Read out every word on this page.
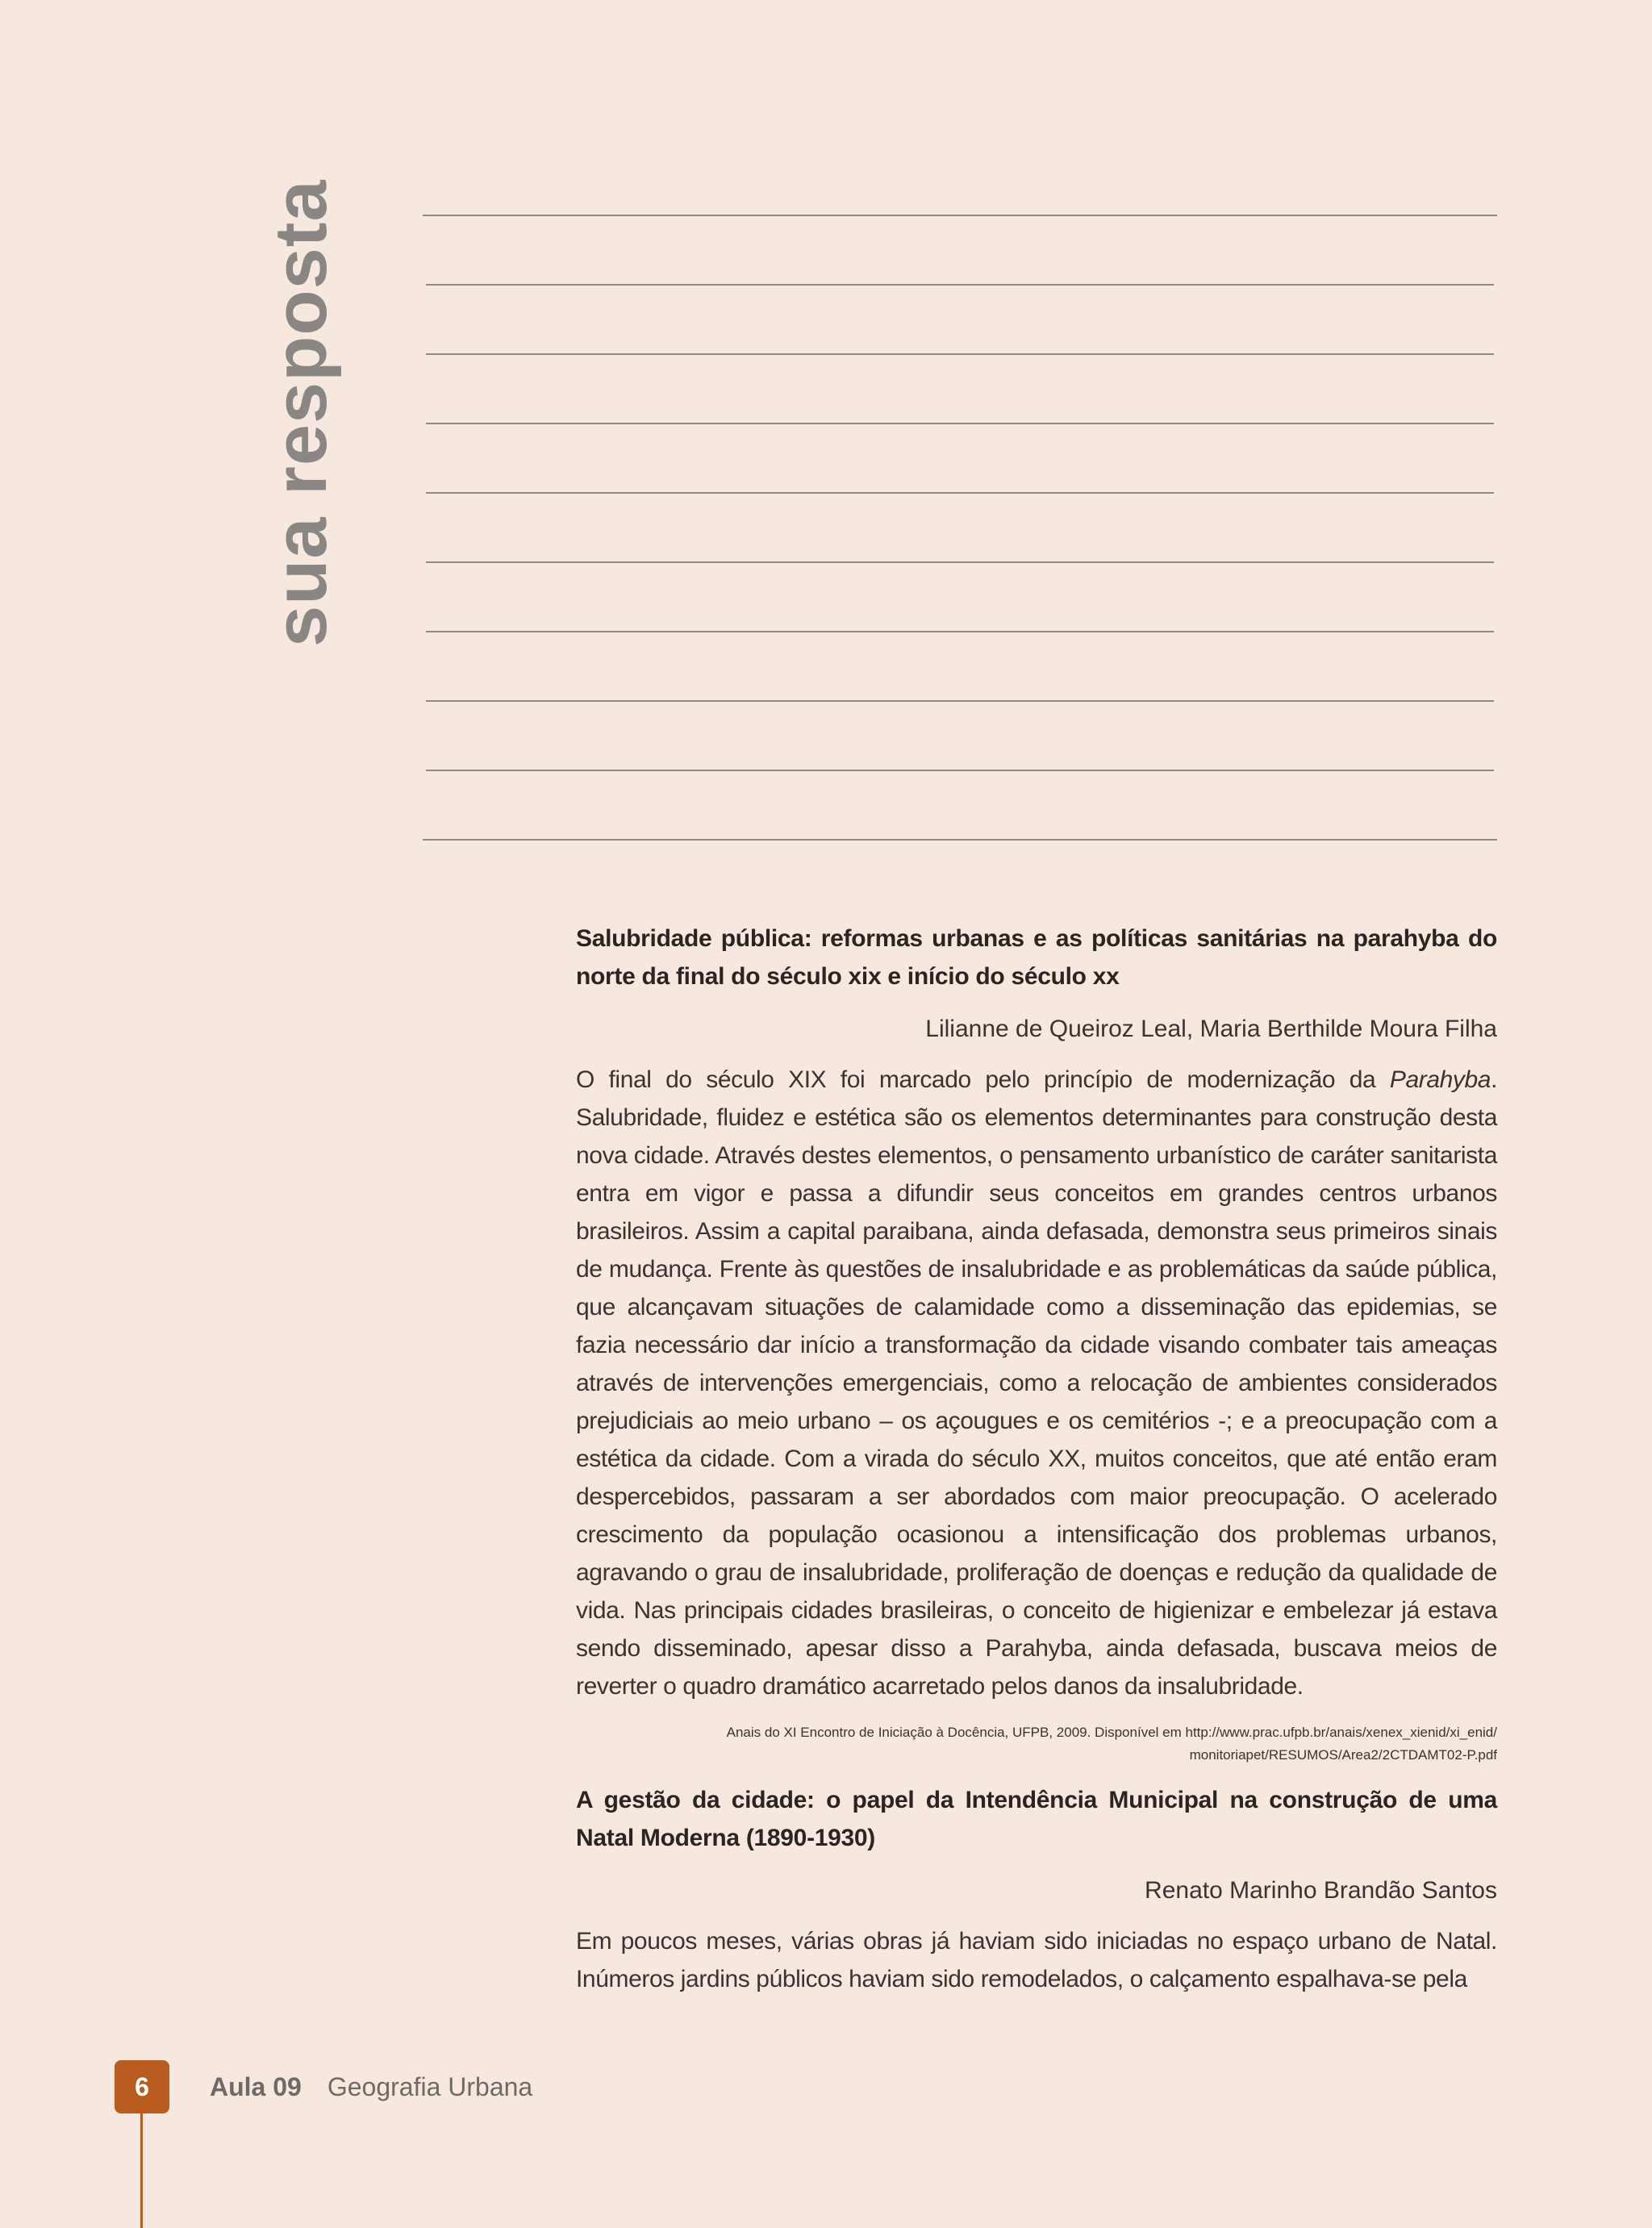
sua resposta
Salubridade pública: reformas urbanas e as políticas sanitárias na parahyba do norte da final do século xix e início do século xx
Lilianne de Queiroz Leal, Maria Berthilde Moura Filha
O final do século XIX foi marcado pelo princípio de modernização da Parahyba. Salubridade, fluidez e estética são os elementos determinantes para construção desta nova cidade. Através destes elementos, o pensamento urbanístico de caráter sanitarista entra em vigor e passa a difundir seus conceitos em grandes centros urbanos brasileiros. Assim a capital paraibana, ainda defasada, demonstra seus primeiros sinais de mudança. Frente às questões de insalubridade e as problemáticas da saúde pública, que alcançavam situações de calamidade como a disseminação das epidemias, se fazia necessário dar início a transformação da cidade visando combater tais ameaças através de intervenções emergenciais, como a relocação de ambientes considerados prejudiciais ao meio urbano – os açougues e os cemitérios -; e a preocupação com a estética da cidade. Com a virada do século XX, muitos conceitos, que até então eram despercebidos, passaram a ser abordados com maior preocupação. O acelerado crescimento da população ocasionou a intensificação dos problemas urbanos, agravando o grau de insalubridade, proliferação de doenças e redução da qualidade de vida. Nas principais cidades brasileiras, o conceito de higienizar e embelezar já estava sendo disseminado, apesar disso a Parahyba, ainda defasada, buscava meios de reverter o quadro dramático acarretado pelos danos da insalubridade.
Anais do XI Encontro de Iniciação à Docência, UFPB, 2009. Disponível em http://www.prac.ufpb.br/anais/xenex_xienid/xi_enid/
monitoriapet/RESUMOS/Area2/2CTDAMT02-P.pdf
A gestão da cidade: o papel da Intendência Municipal na construção de uma Natal Moderna (1890-1930)
Renato Marinho Brandão Santos
Em poucos meses, várias obras já haviam sido iniciadas no espaço urbano de Natal. Inúmeros jardins públicos haviam sido remodelados, o calçamento espalhava-se pela
6	Aula 09 Geografia Urbana
